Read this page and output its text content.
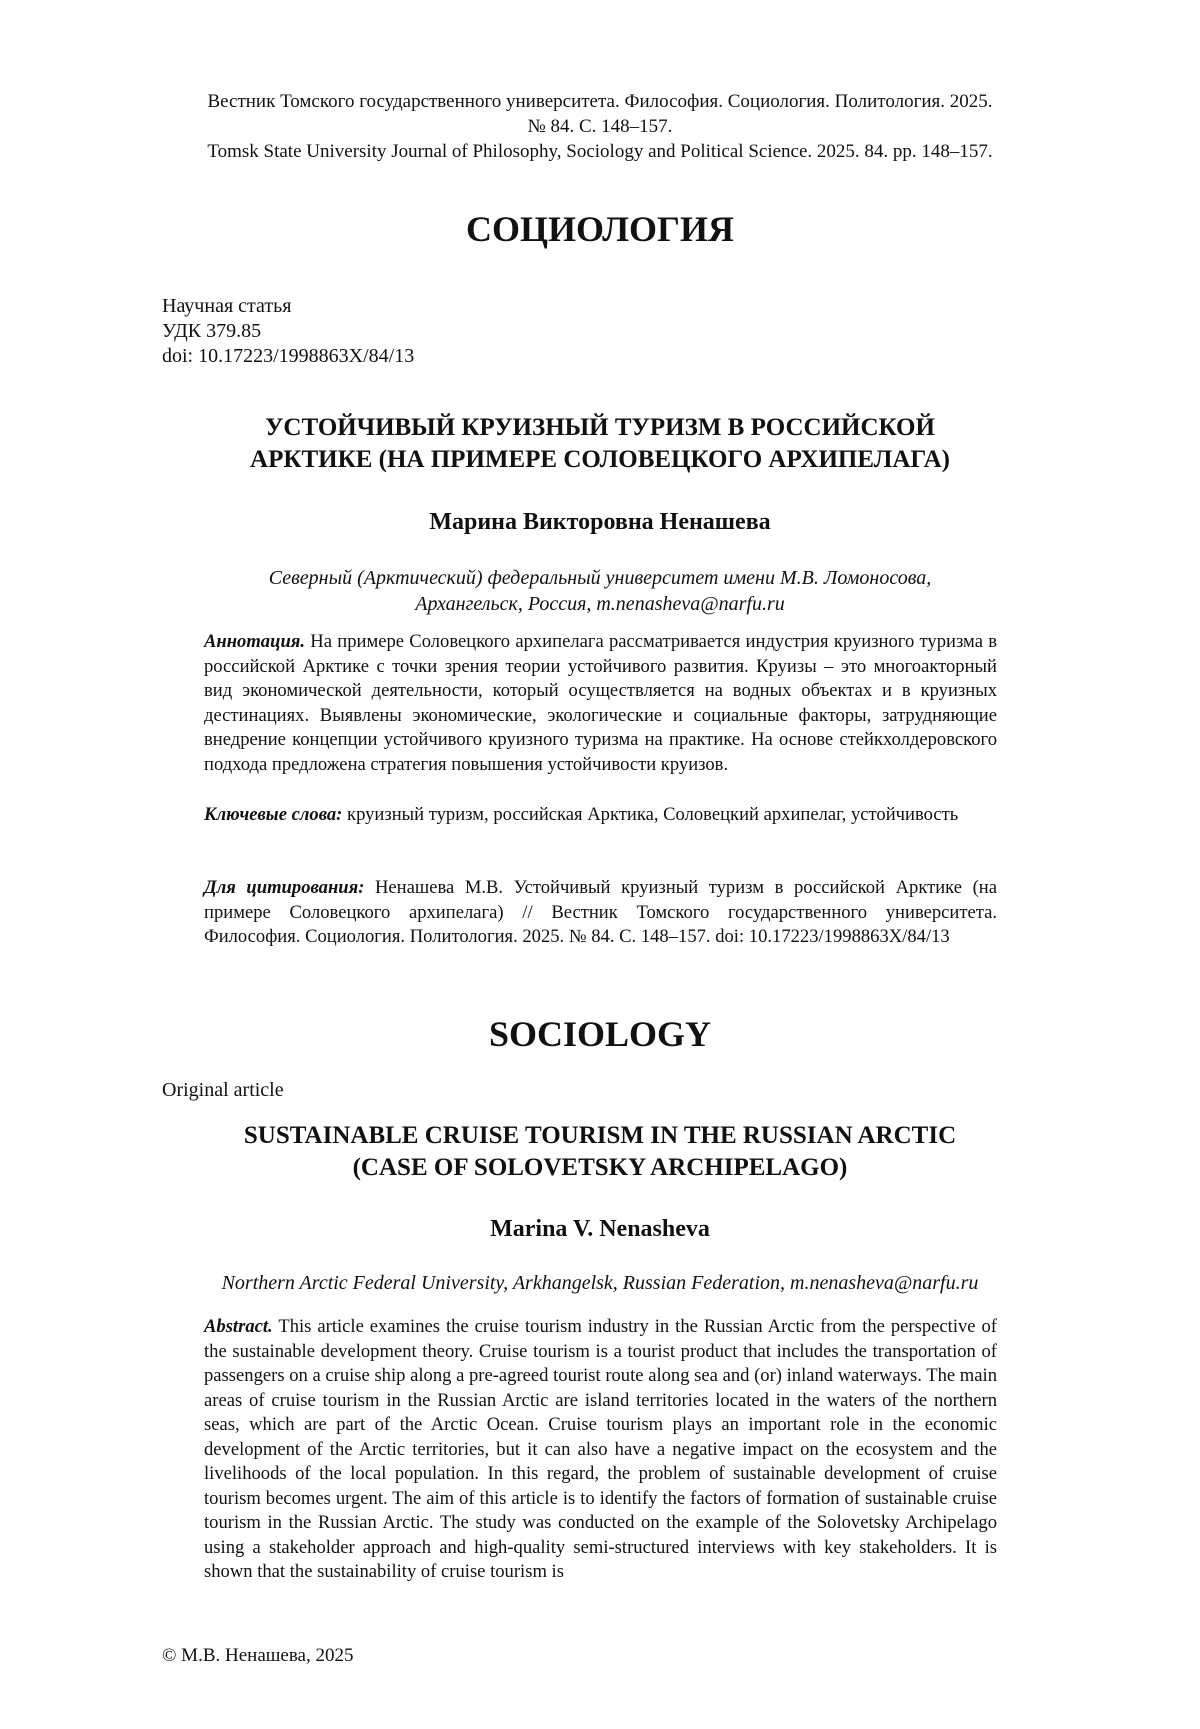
Вестник Томского государственного университета. Философия. Социология. Политология. 2025.
№ 84. С. 148–157.
Tomsk State University Journal of Philosophy, Sociology and Political Science. 2025. 84. pp. 148–157.
СОЦИОЛОГИЯ
Научная статья
УДК 379.85
doi: 10.17223/1998863X/84/13
УСТОЙЧИВЫЙ КРУИЗНЫЙ ТУРИЗМ В РОССИЙСКОЙ
АРКТИКЕ (НА ПРИМЕРЕ СОЛОВЕЦКОГО АРХИПЕЛАГА)
Марина Викторовна Ненашева
Северный (Арктический) федеральный университет имени М.В. Ломоносова,
Архангельск, Россия, m.nenasheva@narfu.ru
Аннотация. На примере Соловецкого архипелага рассматривается индустрия круизного туризма в российской Арктике с точки зрения теории устойчивого развития. Круизы – это многоакторный вид экономической деятельности, который осуществляется на водных объектах и в круизных дестинациях. Выявлены экономические, экологические и социальные факторы, затрудняющие внедрение концепции устойчивого круизного туризма на практике. На основе стейкхолдеровского подхода предложена стратегия повышения устойчивости круизов.
Ключевые слова: круизный туризм, российская Арктика, Соловецкий архипелаг, устойчивость
Для цитирования: Ненашева М.В. Устойчивый круизный туризм в российской Арктике (на примере Соловецкого архипелага) // Вестник Томского государственного университета. Философия. Социология. Политология. 2025. № 84. С. 148–157. doi: 10.17223/1998863X/84/13
SOCIOLOGY
Original article
SUSTAINABLE CRUISE TOURISM IN THE RUSSIAN ARCTIC
(CASE OF SOLOVETSKY ARCHIPELAGO)
Marina V. Nenasheva
Northern Arctic Federal University, Arkhangelsk, Russian Federation, m.nenasheva@narfu.ru
Abstract. This article examines the cruise tourism industry in the Russian Arctic from the perspective of the sustainable development theory. Cruise tourism is a tourist product that includes the transportation of passengers on a cruise ship along a pre-agreed tourist route along sea and (or) inland waterways. The main areas of cruise tourism in the Russian Arctic are island territories located in the waters of the northern seas, which are part of the Arctic Ocean. Cruise tourism plays an important role in the economic development of the Arctic territories, but it can also have a negative impact on the ecosystem and the livelihoods of the local population. In this regard, the problem of sustainable development of cruise tourism becomes urgent. The aim of this article is to identify the factors of formation of sustainable cruise tourism in the Russian Arctic. The study was conducted on the example of the Solovetsky Archipelago using a stakeholder approach and high-quality semi-structured interviews with key stakeholders. It is shown that the sustainability of cruise tourism is
© М.В. Ненашева, 2025
